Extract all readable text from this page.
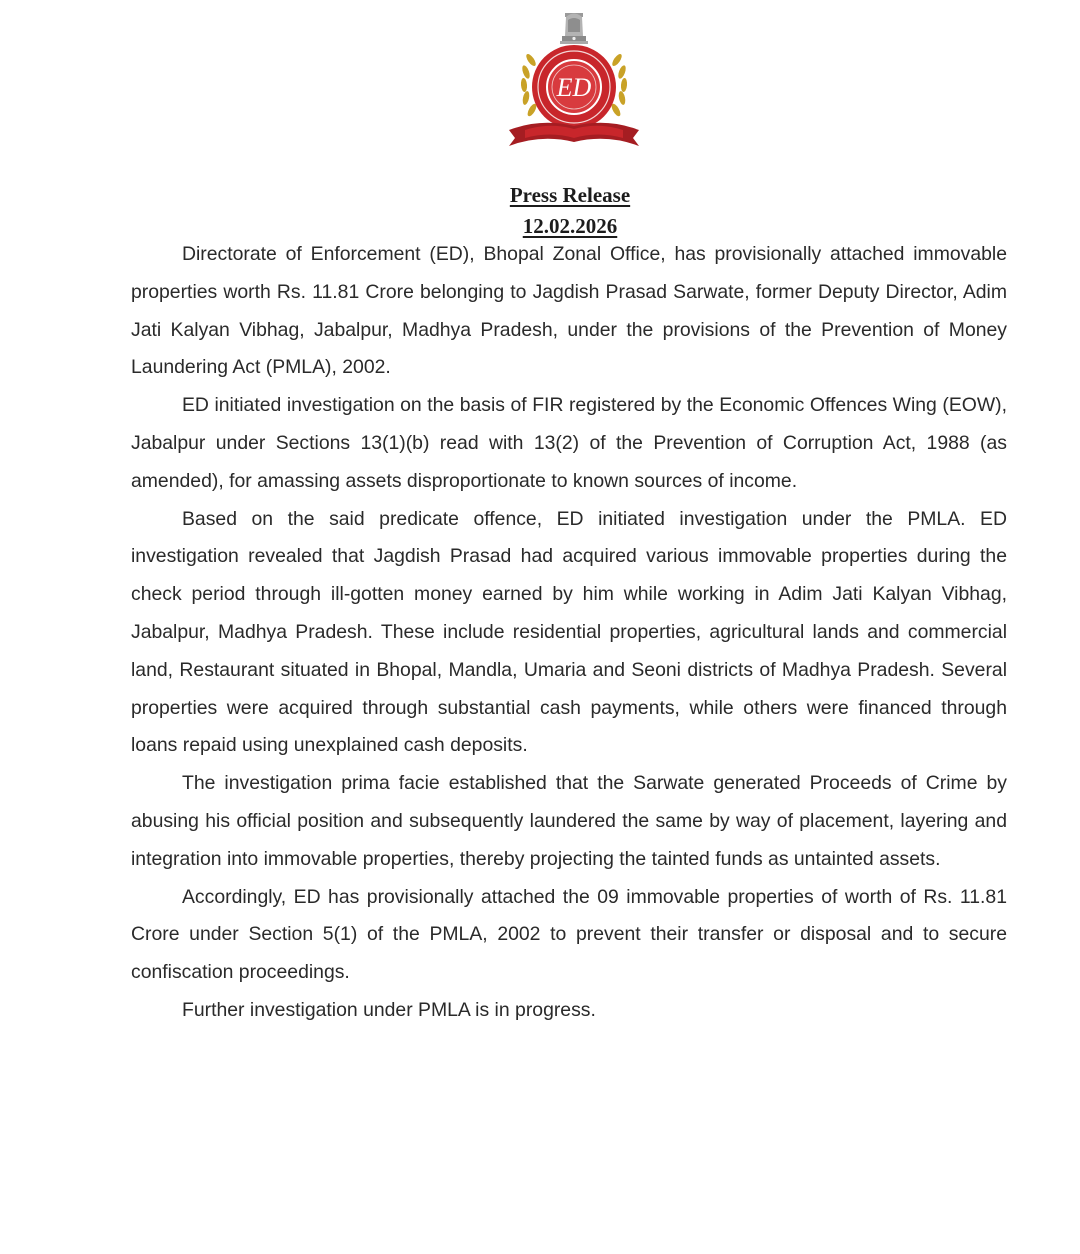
ED
Press Release
12.02.2026

Directorate of Enforcement (ED), Bhopal Zonal Office, has provisionally attached immovable properties worth Rs. 11.81 Crore belonging to Jagdish Prasad Sarwate, former Deputy Director, Adim Jati Kalyan Vibhag, Jabalpur, Madhya Pradesh, under the provisions of the Prevention of Money Laundering Act (PMLA), 2002.

ED initiated investigation on the basis of FIR registered by the Economic Offences Wing (EOW), Jabalpur under Sections 13(1)(b) read with 13(2) of the Prevention of Corruption Act, 1988 (as amended), for amassing assets disproportionate to known sources of income.

Based on the said predicate offence, ED initiated investigation under the PMLA. ED investigation revealed that Jagdish Prasad had acquired various immovable properties during the check period through ill-gotten money earned by him while working in Adim Jati Kalyan Vibhag, Jabalpur, Madhya Pradesh. These include residential properties, agricultural lands and commercial land, Restaurant situated in Bhopal, Mandla, Umaria and Seoni districts of Madhya Pradesh. Several properties were acquired through substantial cash payments, while others were financed through loans repaid using unexplained cash deposits.

The investigation prima facie established that the Sarwate generated Proceeds of Crime by abusing his official position and subsequently laundered the same by way of placement, layering and integration into immovable properties, thereby projecting the tainted funds as untainted assets.

Accordingly, ED has provisionally attached the 09 immovable properties of worth of Rs. 11.81 Crore under Section 5(1) of the PMLA, 2002 to prevent their transfer or disposal and to secure confiscation proceedings.

Further investigation under PMLA is in progress.
